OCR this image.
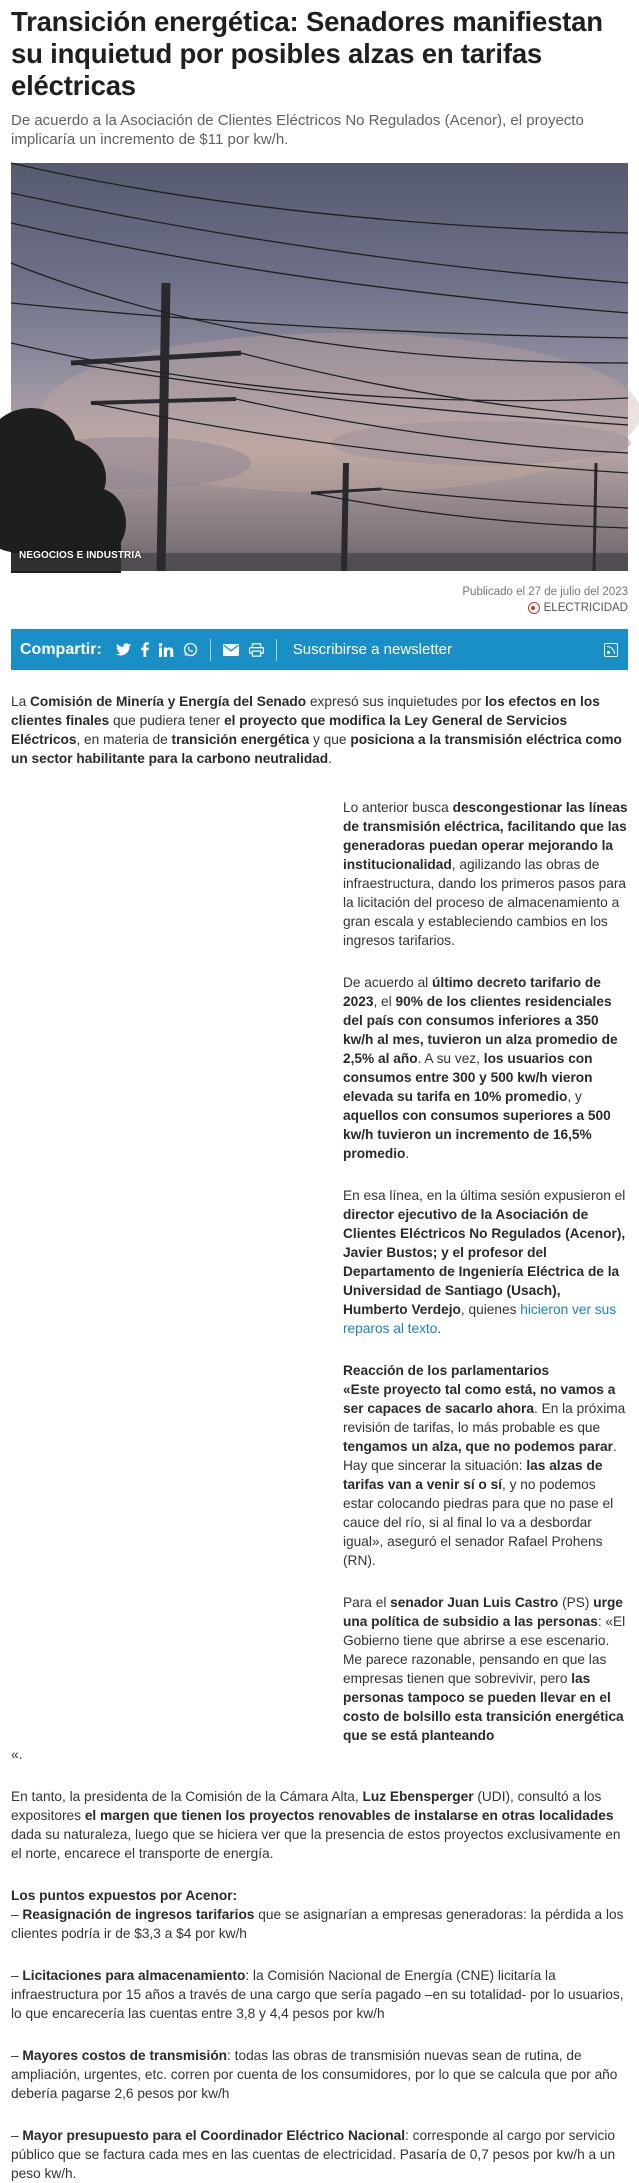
Transición energética: Senadores manifiestan su inquietud por posibles alzas en tarifas eléctricas

De acuerdo a la Asociación de Clientes Eléctricos No Regulados (Acenor), el proyecto implicaría un incremento de $11 por kw/h.

NEGOCIOS E INDUSTRIA
Publicado el 27 de julio del 2023
ELECTRICIDAD
Compartir:	Suscribirse a newsletter

La Comisión de Minería y Energía del Senado expresó sus inquietudes por los efectos en los clientes finales que pudiera tener el proyecto que modifica la Ley General de Servicios Eléctricos, en materia de transición energética y que posiciona a la transmisión eléctrica como un sector habilitante para la carbono neutralidad.

Lo anterior busca descongestionar las líneas de transmisión eléctrica, facilitando que las generadoras puedan operar mejorando la institucionalidad, agilizando las obras de infraestructura, dando los primeros pasos para la licitación del proceso de almacenamiento a gran escala y estableciendo cambios en los ingresos tarifarios.

De acuerdo al último decreto tarifario de 2023, el 90% de los clientes residenciales del país con consumos inferiores a 350 kw/h al mes, tuvieron un alza promedio de 2,5% al año. A su vez, los usuarios con consumos entre 300 y 500 kw/h vieron elevada su tarifa en 10% promedio, y aquellos con consumos superiores a 500 kw/h tuvieron un incremento de 16,5% promedio.

En esa línea, en la última sesión expusieron el director ejecutivo de la Asociación de Clientes Eléctricos No Regulados (Acenor), Javier Bustos; y el profesor del Departamento de Ingeniería Eléctrica de la Universidad de Santiago (Usach), Humberto Verdejo, quienes hicieron ver sus reparos al texto.

Reacción de los parlamentarios
«Este proyecto tal como está, no vamos a ser capaces de sacarlo ahora. En la próxima revisión de tarifas, lo más probable es que tengamos un alza, que no podemos parar. Hay que sincerar la situación: las alzas de tarifas van a venir sí o sí, y no podemos estar colocando piedras para que no pase el cauce del río, si al final lo va a desbordar igual», aseguró el senador Rafael Prohens (RN).

Para el senador Juan Luis Castro (PS) urge una política de subsidio a las personas: «El Gobierno tiene que abrirse a ese escenario. Me parece razonable, pensando en que las empresas tienen que sobrevivir, pero las personas tampoco se pueden llevar en el costo de bolsillo esta transición energética que se está planteando
«.

En tanto, la presidenta de la Comisión de la Cámara Alta, Luz Ebensperger (UDI), consultó a los expositores el margen que tienen los proyectos renovables de instalarse en otras localidades dada su naturaleza, luego que se hiciera ver que la presencia de estos proyectos exclusivamente en el norte, encarece el transporte de energía.

Los puntos expuestos por Acenor:
– Reasignación de ingresos tarifarios que se asignarían a empresas generadoras: la pérdida a los clientes podría ir de $3,3 a $4 por kw/h

– Licitaciones para almacenamiento: la Comisión Nacional de Energía (CNE) licitaría la infraestructura por 15 años a través de una cargo que sería pagado –en su totalidad- por lo usuarios, lo que encarecería las cuentas entre 3,8 y 4,4 pesos por kw/h

– Mayores costos de transmisión: todas las obras de transmisión nuevas sean de rutina, de ampliación, urgentes, etc. corren por cuenta de los consumidores, por lo que se calcula que por año debería pagarse 2,6 pesos por kw/h

– Mayor presupuesto para el Coordinador Eléctrico Nacional: corresponde al cargo por servicio público que se factura cada mes en las cuentas de electricidad. Pasaría de 0,7 pesos por kw/h a un peso kw/h.
